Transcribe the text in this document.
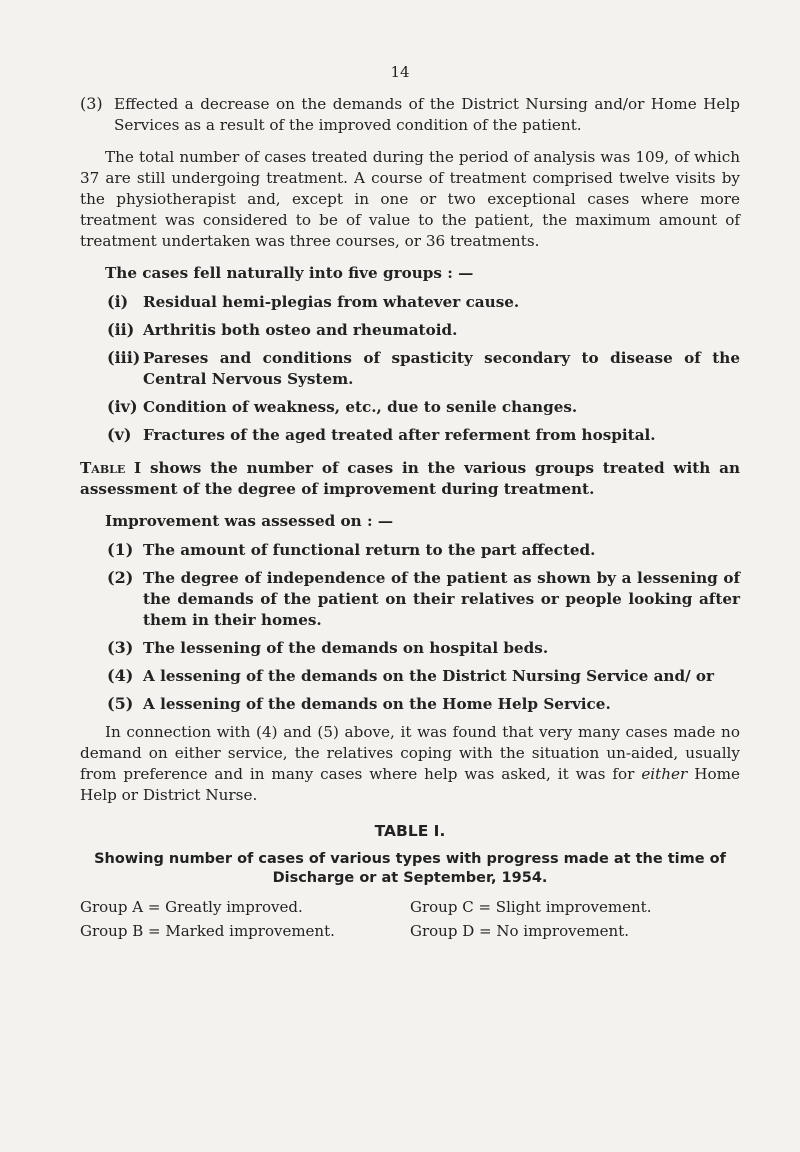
14
(3) Effected a decrease on the demands of the District Nursing and/or Home Help Services as a result of the improved condition of the patient.

The total number of cases treated during the period of analysis was 109, of which 37 are still undergoing treatment. A course of treatment comprised twelve visits by the physiotherapist and, except in one or two exceptional cases where more treatment was considered to be of value to the patient, the maximum amount of treatment undertaken was three courses, or 36 treatments.

The cases fell naturally into five groups : —

(i) Residual hemi-plegias from whatever cause.

(ii) Arthritis both osteo and rheumatoid.

(iii) Pareses and conditions of spasticity secondary to disease of the Central Nervous System.

(iv) Condition of weakness, etc., due to senile changes.

(v) Fractures of the aged treated after referment from hospital.

Table I shows the number of cases in the various groups treated with an assessment of the degree of improvement during treatment.

Improvement was assessed on : —

(1) The amount of functional return to the part affected.

(2) The degree of independence of the patient as shown by a lessening of the demands of the patient on their relatives or people looking after them in their homes.

(3) The lessening of the demands on hospital beds.

(4) A lessening of the demands on the District Nursing Service and/ or

(5) A lessening of the demands on the Home Help Service.

In connection with (4) and (5) above, it was found that very many cases made no demand on either service, the relatives coping with the situation un-aided, usually from preference and in many cases where help was asked, it was for either Home Help or District Nurse.

TABLE I.
Showing number of cases of various types with progress made at the time of Discharge or at September, 1954.
Group A = Greatly improved.	Group C = Slight improvement.
Group B = Marked improvement.	Group D = No improvement.
